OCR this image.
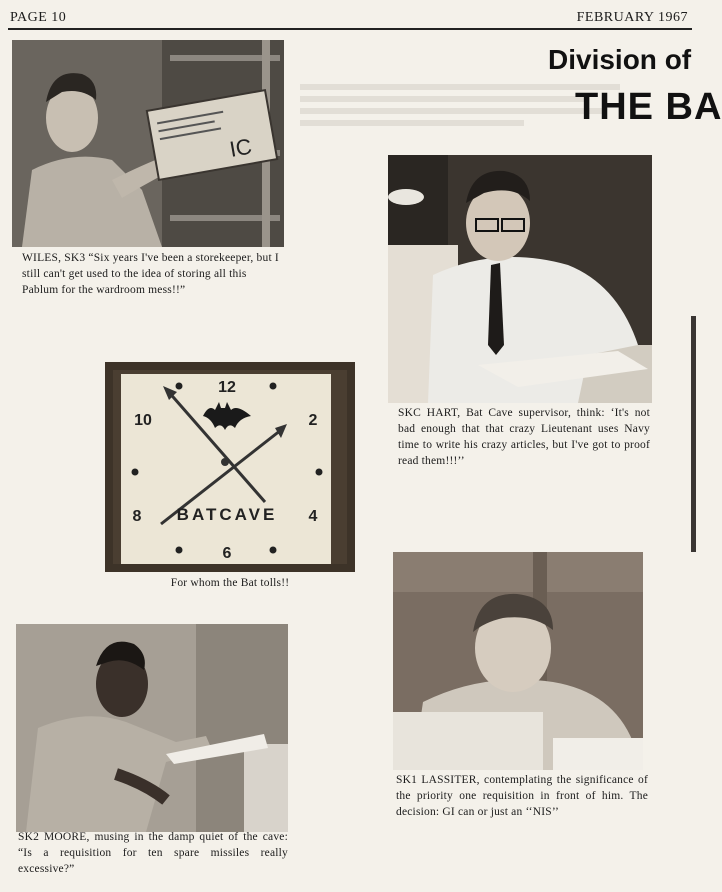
PAGE 10	FEBRUARY 1967
Division of
THE BA
IC
WILES, SK3 “Six years I've been a storekeeper, but I still can't get used to the idea of storing all this Pablum for the wardroom mess!!”
SKC HART, Bat Cave supervisor, think: ‘It's not bad enough that that crazy Lieutenant uses Navy time to write his crazy articles, but I've got to proof read them!!!’’
12
2
4
6
8
10
BATCAVE
For whom the Bat tolls!!
SK2 MOORE, musing in the damp quiet of the cave: “Is a requisition for ten spare missiles really excessive?”
SK1 LASSITER, contemplating the significance of the priority one requisition in front of him. The decision: GI can or just an ‘‘NIS’’
